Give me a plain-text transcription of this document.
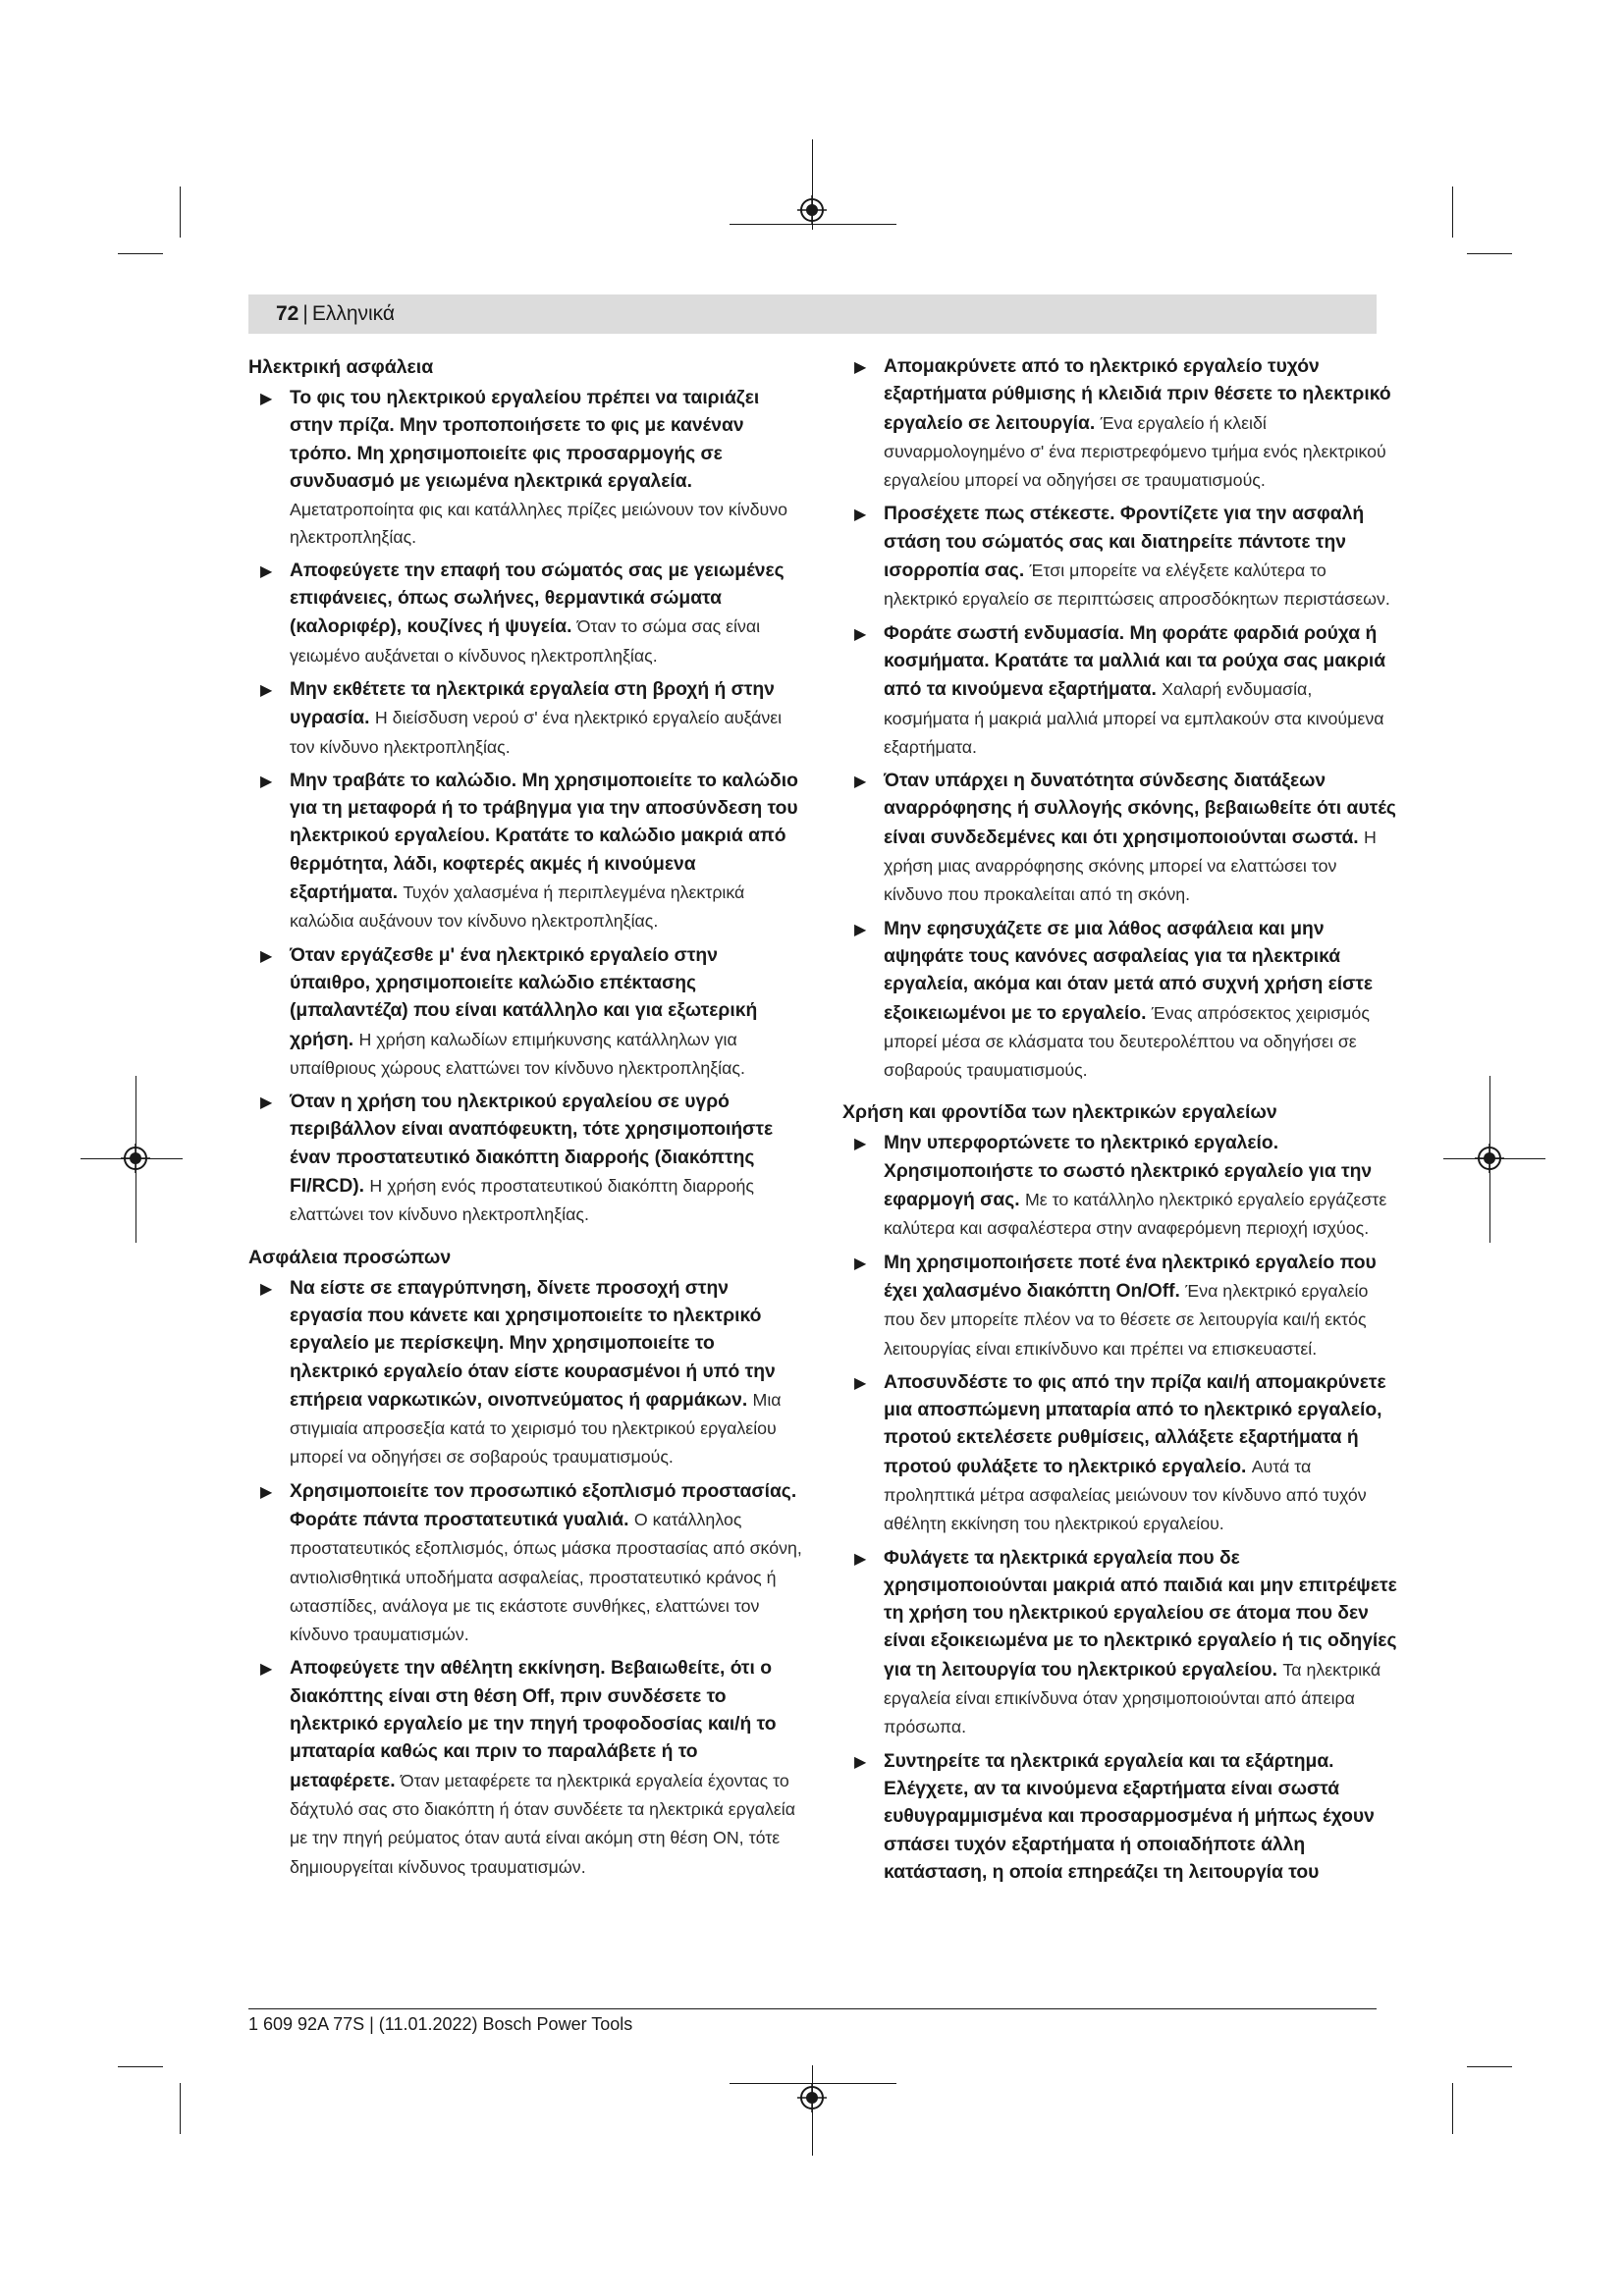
72 | Ελληνικά
Ηλεκτρική ασφάλεια
▶ Το φις του ηλεκτρικού εργαλείου πρέπει να ταιριάζει στην πρίζα. Μην τροποποιήσετε το φις με κανέναν τρόπο. Μη χρησιμοποιείτε φις προσαρμογής σε συνδυασμό με γειωμένα ηλεκτρικά εργαλεία.
Αμετατροποίητα φις και κατάλληλες πρίζες μειώνουν τον κίνδυνο ηλεκτροπληξίας.
▶ Αποφεύγετε την επαφή του σώματός σας με γειωμένες επιφάνειες, όπως σωλήνες, θερμαντικά σώματα (καλοριφέρ), κουζίνες ή ψυγεία. Όταν το σώμα σας είναι γειωμένο αυξάνεται ο κίνδυνος ηλεκτροπληξίας.
▶ Μην εκθέτετε τα ηλεκτρικά εργαλεία στη βροχή ή στην υγρασία. Η διείσδυση νερού σ' ένα ηλεκτρικό εργαλείο αυξάνει τον κίνδυνο ηλεκτροπληξίας.
▶ Μην τραβάτε το καλώδιο. Μη χρησιμοποιείτε το καλώδιο για τη μεταφορά ή το τράβηγμα για την αποσύνδεση του ηλεκτρικού εργαλείου. Κρατάτε το καλώδιο μακριά από θερμότητα, λάδι, κοφτερές ακμές ή κινούμενα εξαρτήματα. Τυχόν χαλασμένα ή περιπλεγμένα ηλεκτρικά καλώδια αυξάνουν τον κίνδυνο ηλεκτροπληξίας.
▶ Όταν εργάζεσθε μ' ένα ηλεκτρικό εργαλείο στην ύπαιθρο, χρησιμοποιείτε καλώδιο επέκτασης (μπαλαντέζα) που είναι κατάλληλο και για εξωτερική χρήση. Η χρήση καλωδίων επιμήκυνσης κατάλληλων για υπαίθριους χώρους ελαττώνει τον κίνδυνο ηλεκτροπληξίας.
▶ Όταν η χρήση του ηλεκτρικού εργαλείου σε υγρό περιβάλλον είναι αναπόφευκτη, τότε χρησιμοποιήστε έναν προστατευτικό διακόπτη διαρροής (διακόπτης FI/RCD). Η χρήση ενός προστατευτικού διακόπτη διαρροής ελαττώνει τον κίνδυνο ηλεκτροπληξίας.
Ασφάλεια προσώπων
▶ Να είστε σε επαγρύπνηση, δίνετε προσοχή στην εργασία που κάνετε και χρησιμοποιείτε το ηλεκτρικό εργαλείο με περίσκεψη. Μην χρησιμοποιείτε το ηλεκτρικό εργαλείο όταν είστε κουρασμένοι ή υπό την επήρεια ναρκωτικών, οινοπνεύματος ή φαρμάκων. Μια στιγμιαία απροσεξία κατά το χειρισμό του ηλεκτρικού εργαλείου μπορεί να οδηγήσει σε σοβαρούς τραυματισμούς.
▶ Χρησιμοποιείτε τον προσωπικό εξοπλισμό προστασίας. Φοράτε πάντα προστατευτικά γυαλιά. Ο κατάλληλος προστατευτικός εξοπλισμός, όπως μάσκα προστασίας από σκόνη, αντιολισθητικά υποδήματα ασφαλείας, προστατευτικό κράνος ή ωτασπίδες, ανάλογα με τις εκάστοτε συνθήκες, ελαττώνει τον κίνδυνο τραυματισμών.
▶ Αποφεύγετε την αθέλητη εκκίνηση. Βεβαιωθείτε, ότι ο διακόπτης είναι στη θέση Off, πριν συνδέσετε το ηλεκτρικό εργαλείο με την πηγή τροφοδοσίας και/ή το μπαταρία καθώς και πριν το παραλάβετε ή το μεταφέρετε. Όταν μεταφέρετε τα ηλεκτρικά εργαλεία έχοντας το δάχτυλό σας στο διακόπτη ή όταν συνδέετε τα ηλεκτρικά εργαλεία με την πηγή ρεύματος όταν αυτά είναι ακόμη στη θέση ON, τότε δημιουργείται κίνδυνος τραυματισμών.
▶ Απομακρύνετε από το ηλεκτρικό εργαλείο τυχόν εξαρτήματα ρύθμισης ή κλειδιά πριν θέσετε το ηλεκτρικό εργαλείο σε λειτουργία. Ένα εργαλείο ή κλειδί συναρμολογημένο σ' ένα περιστρεφόμενο τμήμα ενός ηλεκτρικού εργαλείου μπορεί να οδηγήσει σε τραυματισμούς.
▶ Προσέχετε πως στέκεστε. Φροντίζετε για την ασφαλή στάση του σώματός σας και διατηρείτε πάντοτε την ισορροπία σας. Έτσι μπορείτε να ελέγξετε καλύτερα το ηλεκτρικό εργαλείο σε περιπτώσεις απροσδόκητων περιστάσεων.
▶ Φοράτε σωστή ενδυμασία. Μη φοράτε φαρδιά ρούχα ή κοσμήματα. Κρατάτε τα μαλλιά και τα ρούχα σας μακριά από τα κινούμενα εξαρτήματα. Χαλαρή ενδυμασία, κοσμήματα ή μακριά μαλλιά μπορεί να εμπλακούν στα κινούμενα εξαρτήματα.
▶ Όταν υπάρχει η δυνατότητα σύνδεσης διατάξεων αναρρόφησης ή συλλογής σκόνης, βεβαιωθείτε ότι αυτές είναι συνδεδεμένες και ότι χρησιμοποιούνται σωστά. Η χρήση μιας αναρρόφησης σκόνης μπορεί να ελαττώσει τον κίνδυνο που προκαλείται από τη σκόνη.
▶ Μην εφησυχάζετε σε μια λάθος ασφάλεια και μην αψηφάτε τους κανόνες ασφαλείας για τα ηλεκτρικά εργαλεία, ακόμα και όταν μετά από συχνή χρήση είστε εξοικειωμένοι με το εργαλείο. Ένας απρόσεκτος χειρισμός μπορεί μέσα σε κλάσματα του δευτερολέπτου να οδηγήσει σε σοβαρούς τραυματισμούς.
Χρήση και φροντίδα των ηλεκτρικών εργαλείων
▶ Μην υπερφορτώνετε το ηλεκτρικό εργαλείο. Χρησιμοποιήστε το σωστό ηλεκτρικό εργαλείο για την εφαρμογή σας. Με το κατάλληλο ηλεκτρικό εργαλείο εργάζεστε καλύτερα και ασφαλέστερα στην αναφερόμενη περιοχή ισχύος.
▶ Μη χρησιμοποιήσετε ποτέ ένα ηλεκτρικό εργαλείο που έχει χαλασμένο διακόπτη On/Off. Ένα ηλεκτρικό εργαλείο που δεν μπορείτε πλέον να το θέσετε σε λειτουργία και/ή εκτός λειτουργίας είναι επικίνδυνο και πρέπει να επισκευαστεί.
▶ Αποσυνδέστε το φις από την πρίζα και/ή απομακρύνετε μια αποσπώμενη μπαταρία από το ηλεκτρικό εργαλείο, προτού εκτελέσετε ρυθμίσεις, αλλάξετε εξαρτήματα ή προτού φυλάξετε το ηλεκτρικό εργαλείο. Αυτά τα προληπτικά μέτρα ασφαλείας μειώνουν τον κίνδυνο από τυχόν αθέλητη εκκίνηση του ηλεκτρικού εργαλείου.
▶ Φυλάγετε τα ηλεκτρικά εργαλεία που δε χρησιμοποιούνται μακριά από παιδιά και μην επιτρέψετε τη χρήση του ηλεκτρικού εργαλείου σε άτομα που δεν είναι εξοικειωμένα με το ηλεκτρικό εργαλείο ή τις οδηγίες για τη λειτουργία του ηλεκτρικού εργαλείου. Τα ηλεκτρικά εργαλεία είναι επικίνδυνα όταν χρησιμοποιούνται από άπειρα πρόσωπα.
▶ Συντηρείτε τα ηλεκτρικά εργαλεία και τα εξάρτημα. Ελέγχετε, αν τα κινούμενα εξαρτήματα είναι σωστά ευθυγραμμισμένα και προσαρμοσμένα ή μήπως έχουν σπάσει τυχόν εξαρτήματα ή οποιαδήποτε άλλη κατάσταση, η οποία επηρεάζει τη λειτουργία του
1 609 92A 77S | (11.01.2022) Bosch Power Tools
